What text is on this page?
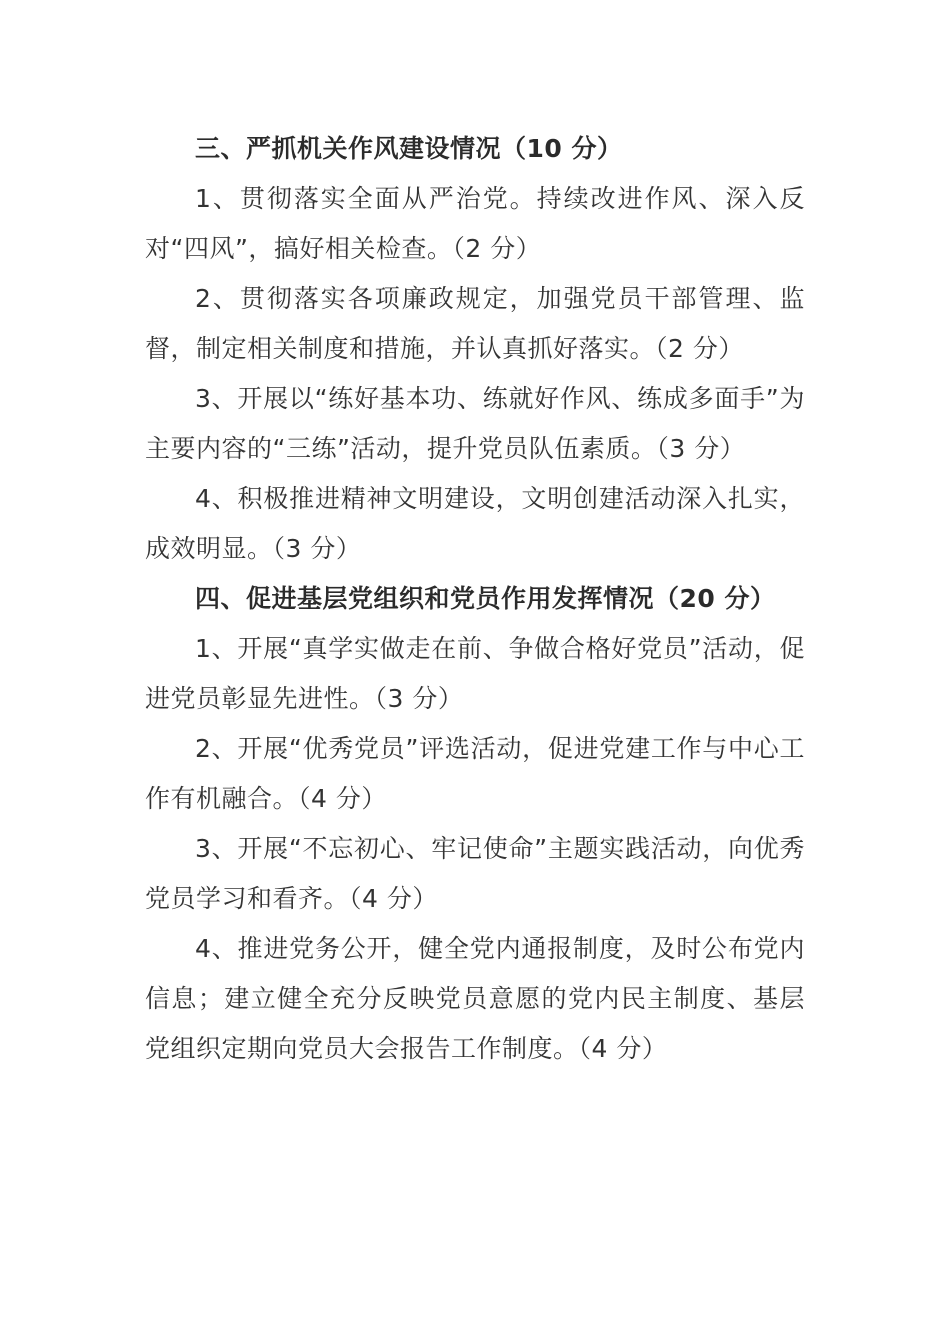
三、严抓机关作风建设情况（10 分）

1、贯彻落实全面从严治党。持续改进作风、深入反对“四风”，搞好相关检查。（2 分）

2、贯彻落实各项廉政规定，加强党员干部管理、监督，制定相关制度和措施，并认真抓好落实。（2 分）

3、开展以“练好基本功、练就好作风、练成多面手”为主要内容的“三练”活动，提升党员队伍素质。（3 分）

4、积极推进精神文明建设，文明创建活动深入扎实，成效明显。（3 分）

四、促进基层党组织和党员作用发挥情况（20 分）

1、开展“真学实做走在前、争做合格好党员”活动，促进党员彰显先进性。（3 分）

2、开展“优秀党员”评选活动，促进党建工作与中心工作有机融合。（4 分）

3、开展“不忘初心、牢记使命”主题实践活动，向优秀党员学习和看齐。（4 分）

4、推进党务公开，健全党内通报制度，及时公布党内信息；建立健全充分反映党员意愿的党内民主制度、基层党组织定期向党员大会报告工作制度。（4 分）
